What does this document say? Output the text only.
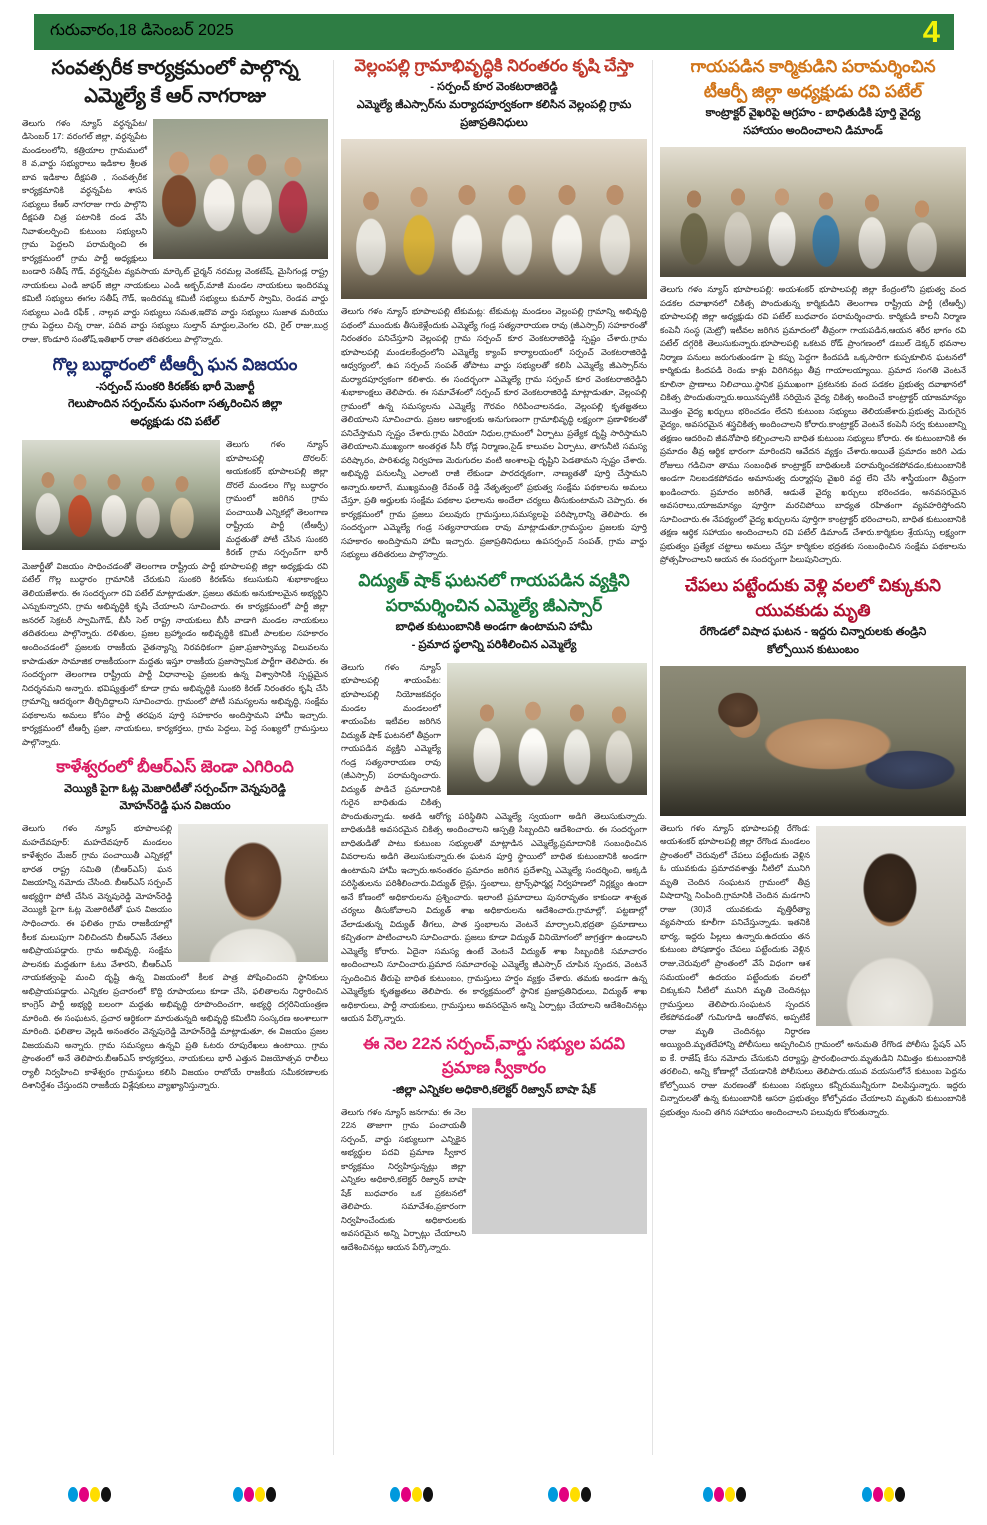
గురువారం,18 డిసెంబర్ 2025	4
సంవత్సరీక కార్యక్రమంలో పాల్గొన్న
ఎమ్మెల్యే కే ఆర్ నాగరాజు
తెలుగు గళం న్యూస్ వర్ధన్నపేట/డిసెంబర్ 17: వరంగల్ జిల్లా, వర్ధన్నపేట మండలంలోని, కత్రియాల గ్రామములో 8 వ,వార్డు సభ్యురాలు ఇడికాల శ్రీలత బావ ఇడికాల దీక్షపతి , సంవత్సరీక కార్యక్రమానికి వర్ధన్నపేట శాసన సభ్యులు కేఆర్ నాగరాజు గారు పాల్గొని దీక్షపతి చిత్ర పటానికి దండ వేసి నివాళులర్పించి కుటుంబ సభ్యులని గ్రామ పెద్దలని పరామర్శించి ఈ కార్యక్రమంలో గ్రామ పార్టీ అధ్యక్షులు బండారి సతీష్ గౌడ్, వర్ధన్నపేట వ్యవసాయ మార్కెట్ ఛైర్మన్ నరమల్ల వెంకటేష్, మైసిగండ్ల రాష్ట్ర నాయకులు ఎండి జాఫర్ జిల్లా నాయకులు ఎండి అక్బర్,మాజీ మండల నాయకులు ఇందిరమ్మ కమిటీ సభ్యులు ఈగల సతీష్ గౌడ్, ఇందిరమ్మ కమిటీ సభ్యులు కుమార్ స్వామి, రెండవ వార్డు సభ్యులు ఎండి రఫీక్ , నాల్గవ వార్డు సభ్యులు సమత,ఇదొవ వార్డు సభ్యులు సుజాత మరియు గ్రామ పెద్దలు చిన్న రాజు, పదివ వార్డు సభ్యులు సుల్తాన్ మార్డుల,వెంగల రవి, రైల్ రాజు,బుర్ర రాజు, కొండూరి సంతోష్,ఇతిఖార్ రాజా తదితరులు పాల్గొన్నారు.
గొల్ల బుద్ధారంలో టీఆర్పీ ఘన విజయం
-సర్పంచ్ సుంకరి కిరణ్‌కు భారీ మెజార్టీ
గెలుపొందిన సర్పంచ్‌ను ఘనంగా సత్కరించిన జిల్లా
అధ్యక్షుడు రవి పటేల్
తెలుగు గళం న్యూస్ భూపాలపల్లి దొరలర్: అయకంకర్ భూపాలపల్లి జిల్లా దొరలే మండలం గొల్ల బుద్ధారం గ్రామంలో జరిగిన గ్రామ పంచాయితీ ఎన్నికల్లో తెలంగాణ రాష్ట్రీయ పార్టీ (టీఆర్పీ) మద్దతుతో పోటీ చేసిన సుంకరి కిరణ్ గ్రామ సర్పంచ్‌గా భారీ మెజార్టీతో విజయం సాధించడంతో తెలంగాణ రాష్ట్రీయ పార్టీ భూపాలపల్లి జిల్లా అధ్యక్షుడు రవి పటేల్ గొల్ల బుద్ధారం గ్రామానికి చేరుకుని సుంకరి కిరణ్‌ను కలుసుకుని శుభాకాంక్షలు తెలియజేశారు. ఈ సందర్భంగా రవి పటేల్ మాట్లాడుతూ, ప్రజలు తమకు అనుకూలమైన అభ్యర్థిని ఎన్నుకున్నారని, గ్రామ అభివృద్ధికి కృషి చేయాలని సూచించారు. ఈ కార్యక్రమంలో పార్టీ జిల్లా జనరల్ సెక్రటరీ స్వామిగౌడ్, బీసీ సెల్ రాష్ట్ర నాయకులు బీసీ వాడాగి మండల నాయకులు తదితరులు పాల్గొన్నారు. దళితుల, ప్రజల బ్రహ్మాండం అభివృద్ధికి కమిటీ పాలకుల సహకారం అందించడంలో ప్రజలకు రాజకీయ వైతన్యాన్ని నిరవధికంగా ప్రజా,ప్రజాస్వామ్య విలువలను కాపాడుతూ సామాజిక రాజకీయంగా మద్దతు ఇస్తూ రాజకీయ ప్రజాస్వామిక పార్టీగా తెలిపారు. ఈ సందర్భంగా తెలంగాణ రాష్ట్రీయ పార్టీ విధానాలపై ప్రజలకు ఉన్న విశ్వాసానికి స్పష్టమైన నిదర్శనమని అన్నారు. భవిష్యత్తులో కూడా గ్రామ అభివృద్ధికి సుంకరి కిరణ్ నిరంతరం కృషి చేసి గ్రామాన్ని ఆదర్శంగా తీర్చిదిద్దాలని సూచించారు. గ్రామంలో పోటీ సమస్యలను అభివృద్ధి, సంక్షేమ పథకాలను అమలు కోసం పార్టీ తరఫున పూర్తి సహకారం అందిస్తామని హామీ ఇచ్చారు. కార్యక్రమంలో టీఆర్పీ ప్రజా, నాయకులు, కార్యకర్తలు, గ్రామ పెద్దలు, పెద్ద సంఖ్యలో గ్రామస్తులు పాల్గొన్నారు.
కాళేశ్వరంలో బీఆర్ఎస్ జెండా ఎగిరింది
వెయ్యికి పైగా ఓట్ల మెజారిటీతో సర్పంచ్‌గా వెన్నపురెడ్డి
మోహన్‌రెడ్డి ఘన విజయం
తెలుగు గళం న్యూస్ భూపాలపల్లి మహదేవపూర్: మహదేవపూర్ మండలం కాళేశ్వరం మేజర్ గ్రామ పంచాయితీ ఎన్నికల్లో భారత రాష్ట్ర సమితి (బీఆర్ఎస్) ఘన విజయాన్ని నమోదు చేసింది. బీఆర్ఎస్ సర్పంచ్ అభ్యర్థిగా పోటీ చేసిన వెన్నపురెడ్డి మోహన్‌రెడ్డి వెయ్యికి పైగా ఓట్ల మెజారిటీతో ఘన విజయం సాధించారు. ఈ ఫలితం గ్రామ రాజకీయాల్లో కీలక మలుపుగా నిలిచిందని బీఆర్ఎస్ నేతలు అభిప్రాయపడ్డారు. గ్రామ అభివృద్ధి, సంక్షేమ పాలనకు మద్దతుగా ఓటు వేశారని, బీఆర్ఎస్ నాయకత్వంపై మంచి దృష్టి ఉన్న విజయంలో కీలక పాత్ర పోషించిందని స్థానికులు అభిప్రాయపడ్డారు. ఎన్నికల ప్రచారంలో కొద్ది రూపాయలు కూడా చేసి, ఫలితాలను నిర్ధారించిన కాంగ్రెస్ పార్టీ అభ్యర్థి బలంగా మద్దతు అభివృద్ధి రూపొందించగా, అభ్యర్థి దగ్గరినియంత్రణ మారింది. ఈ సంఘటన, ప్రచార ఆర్థికంగా మారుతున్నది అభివృద్ధి కమిటీని సంస్కరణ అంశాలుగా మారింది. ఫలితాల వెల్లడి అనంతరం వెన్నపురెడ్డి మోహన్‌రెడ్డి మాట్లాడుతూ, ఈ విజయం ప్రజల విజయమని అన్నారు. గ్రామ సమస్యలు ఉన్నవి ప్రతి ఓటరు రూపురేఖలు ఉంటాయి. గ్రామ ప్రాంతంలో అనే తెలిపారు.బీఆర్ఎస్ కార్యకర్తలు, నాయకులు భారీ ఎత్తున విజయోత్సవ రాలీలు ర్యాలీ నిర్వహించి కాళేశ్వరం గ్రామస్థులు కలిసి విజయం రాబోయే రాజకీయ సమీకరణాలకు దిశానిర్దేశం చేస్తుందని రాజకీయ విశ్లేషకులు వ్యాఖ్యానిస్తున్నారు.
వెల్లంపల్లి గ్రామాభివృద్ధికి నిరంతరం కృషి చేస్తా
- సర్పంచ్ కూర వెంకటరాజిరెడ్డి
ఎమ్మెల్యే జీఎస్సార్‌ను మర్యాదపూర్వకంగా కలిసిన వెల్లంపల్లి గ్రామ
ప్రజాప్రతినిధులు
తెలుగు గళం న్యూస్ భూపాలపల్లి టేకుమట్ల: టేకుమట్ల మండలం వెల్లంపల్లి గ్రామాన్ని అభివృద్ధి పథంలో ముందుకు తీసుకెళ్లేందుకు ఎమ్మెల్యే గండ్ర సత్యనారాయణ రావు (జీఎస్సార్) సహకారంతో నిరంతరం పనిచేస్తూని వెల్లంపల్లి గ్రామ సర్పంచ్ కూర వెంకటరాజిరెడ్డి స్పష్టం చేశారు.గ్రామ భూపాలపల్లి మండలకేంద్రంలోని ఎమ్మెల్యే క్యాంప్ కార్యాలయంలో సర్పంచ్ వెంకటరాజిరెడ్డి ఆధ్వర్యంలో, ఉప సర్పంచ్ సంపత్ తోపాటు వార్డు సభ్యులతో కలిసి ఎమ్మెల్యే జీఎస్సార్‌ను మర్యాదపూర్వకంగా కలిశారు. ఈ సందర్భంగా ఎమ్మెల్యే గ్రామ సర్పంచ్ కూర వెంకటరాజిరెడ్డిని శుభాకాంక్షలు తెలిపారు. ఈ సమావేశంలో సర్పంచ్ కూర వెంకటరాజిరెడ్డి మాట్లాడుతూ, వెల్లంపల్లి గ్రామంలో ఉన్న సమస్యలను ఎమ్మెల్యే గౌరవం గిరిపించాలనడం, వెల్లంపల్లి కృతజ్ఞతలు తెలియాలని సూచించారు. ప్రజల ఆకాంక్షలకు అనుగుణంగా గ్రామాభివృద్ధి లక్ష్యంగా ప్రణాళికలతో పనిచేస్తామని స్పష్టం చేశారు.గ్రామ ఏరియా నిధుల,గ్రామంలో ఏర్పాటు ప్రత్యేక దృష్టి సారిస్తామని తెలియాలని.ముఖ్యంగా అంతర్గత సీసీ రోడ్ల నిర్మాణం,సైడ్ కాలువల ఏర్పాటు, తాగునీటి సమస్య పరిష్కారం, పారిశుధ్య నిర్వహణ మెరుగుదల వంటి అంశాలపై దృష్టిని పెడతామని స్పష్టం చేశారు. అభివృద్ధి పనులన్నీ ఎలాంటి రాజీ లేకుండా పారదర్శకంగా, నాణ్యతతో పూర్తి చేస్తామని అన్నారు.అలాగే, ముఖ్యమంత్రి రేవంత్ రెడ్డి నేతృత్వంలో ప్రభుత్వ సంక్షేమ పథకాలను అమలు చేస్తూ, ప్రతి అర్హులకు సంక్షేమ పథకాల ఫలాలను అందేలా చర్యలు తీసుకుంటామని చెప్పారు. ఈ కార్యక్రమంలో గ్రామ ప్రజలు పలువురు గ్రామస్తులు,సమస్యలపై పరిష్కారాన్ని తెలిపారు. ఈ సందర్భంగా ఎమ్మెల్యే గండ్ర సత్యనారాయణ రావు మాట్లాడుతూ,గ్రామస్థుల ప్రజలకు పూర్తి సహకారం అందిస్తామని హామీ ఇచ్చారు. ప్రజాప్రతినిధులు ఉపసర్పంచ్ సంపత్, గ్రామ వార్డు సభ్యులు తదితరులు పాల్గొన్నారు.
విద్యుత్ షాక్ ఘటనలో గాయపడిన వ్యక్తిని
పరామర్శించిన ఎమ్మెల్యే జీఎస్సార్
బాధిత కుటుంబానికి అండగా ఉంటామని హామీ
- ప్రమాద స్థలాన్ని పరిశీలించిన ఎమ్మెల్యే
తెలుగు గళం న్యూస్ భూపాలపల్లి శాయంపేట: భూపాలపల్లి నియోజకవర్గం మండల మండలంలో శాయంపేట ఇటీవల జరిగిన విద్యుత్ షాక్ ఘటనలో తీవ్రంగా గాయపడిన వ్యక్తిని ఎమ్మెల్యే గండ్ర సత్యనారాయణ రావు (జీఎస్సార్) పరామర్శించారు. విద్యుత్ పొడిచే ప్రమాదానికి గురైన బాధితుడు చికిత్స పొందుతున్నాడు. అతడి ఆరోగ్య పరిస్థితిని ఎమ్మెల్యే స్వయంగా అడిగి తెలుసుకున్నారు. బాధితుడికి అవసరమైన చికిత్స అందించాలని ఆస్పత్రి సిబ్బందిని ఆదేశించారు. ఈ సందర్భంగా బాధితుడితో పాటు కుటుంబ సభ్యులతో మాట్లాడిన ఎమ్మెల్యే,ప్రమాదానికి సంబంధించిన వివరాలను అడిగి తెలుసుకున్నారు.ఈ ఘటన పూర్తి స్థాయిలో బాధిత కుటుంబానికి అండగా ఉంటామని హామీ ఇచ్చారు.అనంతరం ప్రమాదం జరిగిన ప్రదేశాన్ని ఎమ్మెల్యే సందర్శించి, అక్కడి పరిస్థితులను పరిశీలించారు.విద్యుత్ లైన్లు, స్తంభాలు, ట్రాన్స్‌ఫార్మర్ల నిర్వహణలో నిర్లక్ష్యం ఉందా అనే కోణంలో అధికారులను ప్రశ్నించారు. ఇలాంటి ప్రమాదాలు పునరావృతం కాకుండా శాశ్వత చర్యలు తీసుకోవాలని విద్యుత్ శాఖ అధికారులను ఆదేశించారు.గ్రామాల్లో, పట్టణాల్లో వేలాడుతున్న విద్యుత్ తీగలు, పాత స్తంభాలను వెంటనే మార్చాలని,భద్రతా ప్రమాణాలు కచ్చితంగా పాటించాలని సూచించారు. ప్రజలు కూడా విద్యుత్ వినియోగంలో జాగ్రత్తగా ఉండాలని ఎమ్మెల్యే కోరారు. ఏదైనా సమస్య ఉంటే వెంటనే విద్యుత్ శాఖ సిబ్బందికి సమాచారం అందించాలని సూచించారు.ప్రమాద సమాచారంపై ఎమ్మెల్యే జీఎస్సార్ చూపిన స్పందన, వెంటనే స్పందించిన తీరుపై బాధిత కుటుంబం, గ్రామస్తులు హర్షం వ్యక్తం చేశారు. తమకు అండగా ఉన్న ఎమ్మెల్యేకు కృతజ్ఞతలు తెలిపారు. ఈ కార్యక్రమంలో స్థానిక ప్రజాప్రతినిధులు, విద్యుత్ శాఖ అధికారులు, పార్టీ నాయకులు, గ్రామస్తులు అవసరమైన అన్ని ఏర్పాట్లు చేయాలని ఆదేశించినట్లు ఆయన పేర్కొన్నారు.
ఈ నెల 22న సర్పంచ్,వార్డు సభ్యుల పదవి
ప్రమాణ స్వీకారం
-జిల్లా ఎన్నికల అధికారి,కలెక్టర్ రిజ్వాన్ బాషా షేక్
తెలుగు గళం న్యూస్ జనగామ: ఈ నెల 22న తాజాగా గ్రామ పంచాయతీ సర్పంచ్, వార్డు సభ్యులుగా ఎన్నికైన అభ్యర్థుల పదవి ప్రమాణ స్వీకార కార్యక్రమం నిర్వహిస్తున్నట్లు జిల్లా ఎన్నికల అధికారి,కలెక్టర్ రిజ్వాన్ బాషా షేక్ బుధవారం ఒక ప్రకటనలో తెలిపారు. సమావేశం,ప్రకారంగా నిర్వహించేందుకు అధికారులకు అవసరమైన అన్ని ఏర్పాట్లు చేయాలని ఆదేశించినట్లు ఆయన పేర్కొన్నారు.
గాయపడిన కార్మికుడిని పరామర్శించిన
టీఆర్పీ జిల్లా అధ్యక్షుడు రవి పటేల్
కాంట్రాక్టర్ వైఖరిపై ఆగ్రహం - బాధితుడికి పూర్తి వైద్య
సహాయం అందించాలని డిమాండ్
తెలుగు గళం న్యూస్ భూపాలపల్లి: అయశంకర్ భూపాలపల్లి జిల్లా కేంద్రంలోని ప్రభుత్వ వంద పడకల దవాఖానలో చికిత్స పొందుతున్న కార్మికుడిని తెలంగాణ రాష్ట్రీయ పార్టీ (టీఆర్పీ) భూపాలపల్లి జిల్లా అధ్యక్షుడు రవి పటేల్ బుధవారం పరామర్శించారు. కార్మికుడి కాలనీ నిర్మాణ కంపెనీ సంస్థ (మెట్రో) ఇటీవల జరిగిన ప్రమాదంలో తీవ్రంగా గాయపడిన,ఆయన శరీర భాగం రవి పటేల్ దగ్గరికి తెలుసుకున్నారు.భూపాలపల్లి ఒకటవ రోడ్ ప్రాంగణంలో డబుల్ డెక్కర్ భవనాల నిర్మాణ పనులు జరుగుతుండగా పై కప్పు పెద్దగా కిందపడి ఒక్కసారిగా కుప్పకూలిన ఘటనలో కార్మికుడు కిందపడి రెండు కాళ్లు విరిగినట్లు తీవ్ర గాయాలయ్యాయి. ప్రమాద సంగతి వెంటనే కూలినా ప్రాణాలు నిలిచాయి.స్థానిక ప్రముఖంగా ప్రకటనకు వంద పడకల ప్రభుత్వ దవాఖానలో చికిత్స పొందుతున్నారు.అయినప్పటికీ సరియైన వైద్య చికిత్స అందించే కాంట్రాక్టర్ యాజమాన్యం మొత్తం వైద్య ఖర్చులు భరించడం లేదని కుటుంబ సభ్యులు తెలియజేశారు.ప్రభుత్వ మెరుగైన వైద్యం, అవసరమైన శస్త్రచికిత్స అందించాలని కోరారు.కాంట్రాక్టర్ వెంటనే కంపెనీ సర్వ కుటుంబాన్ని తక్షణం ఆదరించి జీవనోపాధి కల్పించాలని బాధిత కుటుంబ సభ్యులు కోరారు. ఈ కుటుంబానికి ఈ ప్రమాదం తీవ్ర ఆర్థిక భారంగా మారిందని ఆవేదన వ్యక్తం చేశారు.అయితే ప్రమాదం జరిగి ఎడు రోజులు గడిచినా తాము సంబంధిత కాంట్రాక్టర్ బాధితులకి పరామర్శించకపోవడం,కుటుంబానికి అండగా నిలబడకపోవడం అమానుత్వ దుర్మార్గపు వైఖరి వద్ద లేని చేసి శాస్త్రీయంగా తీవ్రంగా ఖండించారు. ప్రమాదం జరిగితే, ఆడుతే వైద్య ఖర్చులు భరించడం, అనవసరమైన అవసరాలు,యాజమాన్యం పూర్తిగా మరచిపోయి బాధ్యత రహితంగా వ్యవహరిస్తోందని సూచించారు.ఈ నేపథ్యంలో వైద్య ఖర్చులను పూర్తిగా కాంట్రాక్టర్ భరించాలని, బాధిత కుటుంబానికి తక్షణ ఆర్థిక సహాయం అందించాలని రవి పటేల్ డిమాండ్ చేశారు.కార్మికుల శ్రేయస్సు లక్ష్యంగా ప్రభుత్వం ప్రత్యేక చట్టాలు అమలు చేస్తూ కార్మికుల భద్రతకు సంబంధించిన సంక్షేమ పథకాలను ప్రోత్సహించాలని ఆయన ఈ సందర్భంగా పిలుపునిచ్చారు.
చేపలు పట్టేందుకు వెళ్లి వలలో చిక్కుకుని
యువకుడు మృతి
రేగొండలో విషాద ఘటన - ఇద్దరు చిన్నారులకు తండ్రిని
కోల్పోయిన కుటుంబం
తెలుగు గళం న్యూస్ భూపాలపల్లి రేగొండ: అయశంకర్ భూపాలపల్లి జిల్లా రేగొండ మండలం ప్రాంతంలో చెరువులో చేపలు పట్టేందుకు వెళ్లిన ఓ యువకుడు ప్రమాదవశాత్తు నీటిలో మునిగి మృతి చెందిన సంఘటన గ్రామంలో తీవ్ర విషాదాన్ని నింపింది.గ్రామానికి చెందిన మడగాని రాజు (30)నే యువకుడు వృత్తిరీత్యా వ్యవసాయ కూలీగా పనిచేస్తున్నాడు. ఇతనికి భార్య, ఇద్దరు పిల్లలు ఉన్నారు.ఉదయం తన కుటుంబ పోషణార్థం చేపలు పట్టేందుకు వెళ్లిన రాజు,చెరువులో ప్రాంతంలో వేసే విధంగా ఆశ సమయంలో ఉదయం పట్టేందుకు వలలో చిక్కుకుని నీటిలో మునిగి మృతి చెందినట్లు గ్రామస్తులు తెలిపారు.సంఘటన స్పందన లేకపోవడంతో గుమిగూడి ఆందోళన, అప్పటికే రాజు మృతి చెందినట్లు నిర్ధారణ అయ్యింది.మృతదేహాన్ని పోలీసులు అప్పగించిన గ్రామంలో అనుమతి రేగొండ పోలీసు స్టేషన్ ఎస్ ఐ కే. రాజేష్ కేసు నమోదు చేసుకుని దర్యాప్తు ప్రారంభించారు.మృతుడిని నిమిత్తం కుటుంబానికి తరలించి, అన్ని కోణాల్లో చేయడానికి పోలీసులు తెలిపారు.యువ వయసులోనే కుటుంబ పెద్దను కోల్పోయిన రాజు మరణంతో కుటుంబ సభ్యులు కన్నీరుమున్నీరుగా విలపిస్తున్నారు. ఇద్దరు చిన్నారులతో ఉన్న కుటుంబానికి ఆసరా ప్రభుత్వం కోల్పోవడం చేయాలని మృతుని కుటుంబానికి ప్రభుత్వం నుంచి తగిన సహాయం అందించాలని పలువురు కోరుతున్నారు.
